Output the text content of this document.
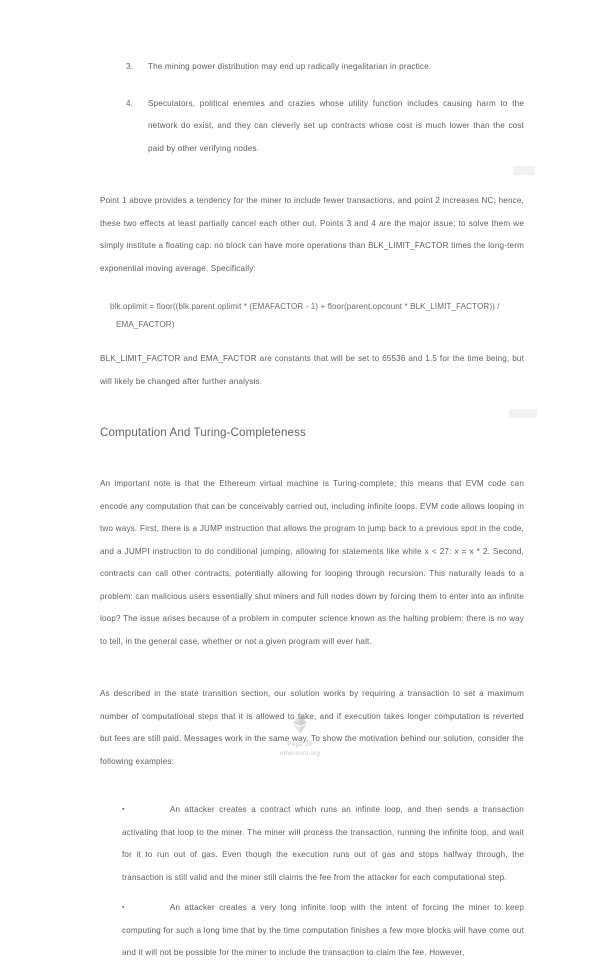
3. The mining power distribution may end up radically inegalitarian in practice.
4. Speculators, political enemies and crazies whose utility function includes causing harm to the network do exist, and they can cleverly set up contracts whose cost is much lower than the cost paid by other verifying nodes.

Point 1 above provides a tendency for the miner to include fewer transactions, and point 2 increases NC; hence, these two effects at least partially cancel each other out. Points 3 and 4 are the major issue; to solve them we simply institute a floating cap: no block can have more operations than BLK_LIMIT_FACTOR times the long-term exponential moving average. Specifically:

blk.oplimit = floor((blk.parent.oplimit * (EMAFACTOR - 1) + floor(parent.opcount * BLK_LIMIT_FACTOR)) /
EMA_FACTOR)

BLK_LIMIT_FACTOR and EMA_FACTOR are constants that will be set to 65536 and 1.5 for the time being, but will likely be changed after further analysis.

Computation And Turing-Completeness

An important note is that the Ethereum virtual machine is Turing-complete; this means that EVM code can encode any computation that can be conceivably carried out, including infinite loops. EVM code allows looping in two ways. First, there is a JUMP instruction that allows the program to jump back to a previous spot in the code, and a JUMPI instruction to do conditional jumping, allowing for statements like while x < 27: x = x * 2. Second, contracts can call other contracts, potentially allowing for looping through recursion. This naturally leads to a problem: can malicious users essentially shut miners and full nodes down by forcing them to enter into an infinite loop? The issue arises because of a problem in computer science known as the halting problem: there is no way to tell, in the general case, whether or not a given program will ever halt.

As described in the state transition section, our solution works by requiring a transaction to set a maximum number of computational steps that it is allowed to take, and if execution takes longer computation is reverted but fees are still paid. Messages work in the same way. To show the motivation behind our solution, consider the following examples:

▪	An attacker creates a contract which runs an infinite loop, and then sends a transaction activating that loop to the miner. The miner will process the transaction, running the infinite loop, and wait for it to run out of gas. Even though the execution runs out of gas and stops halfway through, the transaction is still valid and the miner still claims the fee from the attacker for each computational step.
▪	An attacker creates a very long infinite loop with the intent of forcing the miner to keep computing for such a long time that by the time computation finishes a few more blocks will have come out and it will not be possible for the miner to include the transaction to claim the fee. However,
Page 28
ethereum.org
